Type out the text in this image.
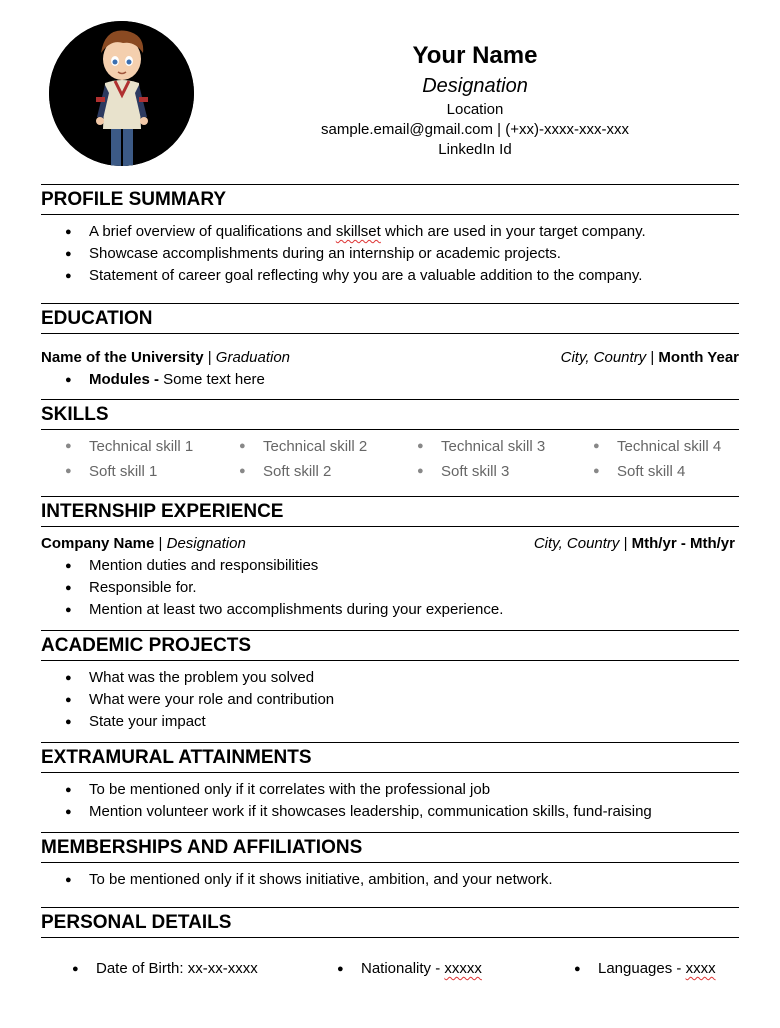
Your Name
Designation
Location
sample.email@gmail.com | (+xx)-xxxx-xxx-xxx
LinkedIn Id
PROFILE SUMMARY
● A brief overview of qualifications and skillset which are used in your target company.
● Showcase accomplishments during an internship or academic projects.
● Statement of career goal reflecting why you are a valuable addition to the company.
EDUCATION
Name of the University | Graduation	City, Country | Month Year
● Modules - Some text here
SKILLS
● Technical skill 1	● Technical skill 2	● Technical skill 3	● Technical skill 4
● Soft skill 1	● Soft skill 2	● Soft skill 3	● Soft skill 4
INTERNSHIP EXPERIENCE
Company Name | Designation	City, Country | Mth/yr - Mth/yr
● Mention duties and responsibilities
● Responsible for.
● Mention at least two accomplishments during your experience.
ACADEMIC PROJECTS
● What was the problem you solved
● What were your role and contribution
● State your impact
EXTRAMURAL ATTAINMENTS
● To be mentioned only if it correlates with the professional job
● Mention volunteer work if it showcases leadership, communication skills, fund-raising
MEMBERSHIPS AND AFFILIATIONS
● To be mentioned only if it shows initiative, ambition, and your network.
PERSONAL DETAILS
● Date of Birth: xx-xx-xxxx	● Nationality - xxxxx	● Languages - xxxx
